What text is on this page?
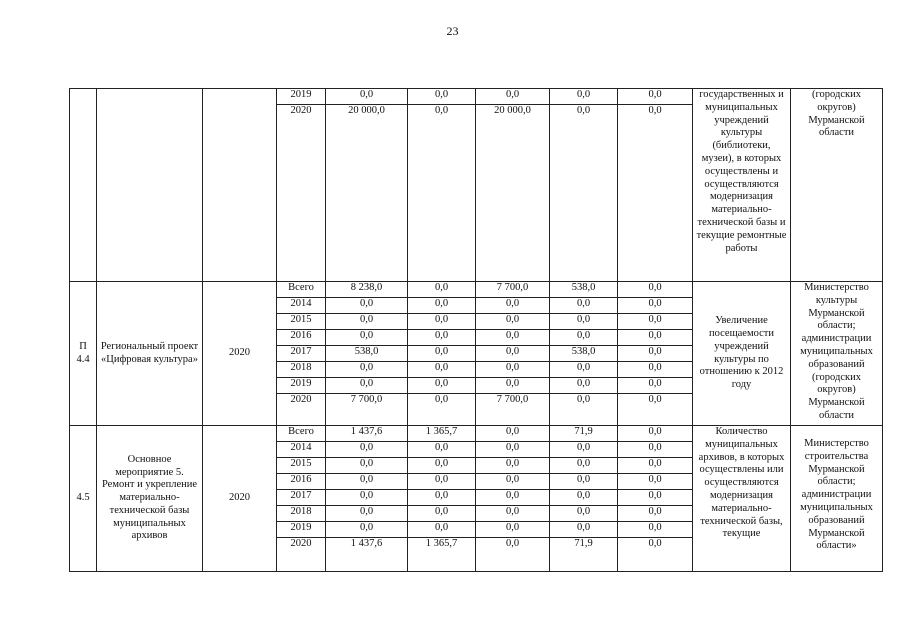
23
			2019	0,0	0,0	0,0	0,0	0,0	государственных и муниципальных учреждений культуры (библиотеки, музеи), в которых осуществлены и осуществляются модернизация материально-технической базы и текущие ремонтные работы	(городских округов) Мурманской области
			2020	20 000,0	0,0	20 000,0	0,0	0,0		
П 4.4	Региональный проект «Цифровая культура»	2020	Всего	8 238,0	0,0	7 700,0	538,0	0,0	Увеличение посещаемости учреждений культуры по отношению к 2012 году	Министерство культуры Мурманской области; администрации муниципальных образований (городских округов) Мурманской области
			2014	0,0	0,0	0,0	0,0	0,0		
			2015	0,0	0,0	0,0	0,0	0,0		
			2016	0,0	0,0	0,0	0,0	0,0		
			2017	538,0	0,0	0,0	538,0	0,0		
			2018	0,0	0,0	0,0	0,0	0,0		
			2019	0,0	0,0	0,0	0,0	0,0		
			2020	7 700,0	0,0	7 700,0	0,0	0,0		
4.5	Основное мероприятие 5. Ремонт и укрепление материально-технической базы муниципальных архивов	2020	Всего	1 437,6	1 365,7	0,0	71,9	0,0	Количество муниципальных архивов, в которых осуществлены или осуществляются модернизация материально-технической базы, текущие	Министерство строительства Мурманской области; администрации муниципальных образований Мурманской области»
			2014	0,0	0,0	0,0	0,0	0,0		
			2015	0,0	0,0	0,0	0,0	0,0		
			2016	0,0	0,0	0,0	0,0	0,0		
			2017	0,0	0,0	0,0	0,0	0,0		
			2018	0,0	0,0	0,0	0,0	0,0		
			2019	0,0	0,0	0,0	0,0	0,0		
			2020	1 437,6	1 365,7	0,0	71,9	0,0		
